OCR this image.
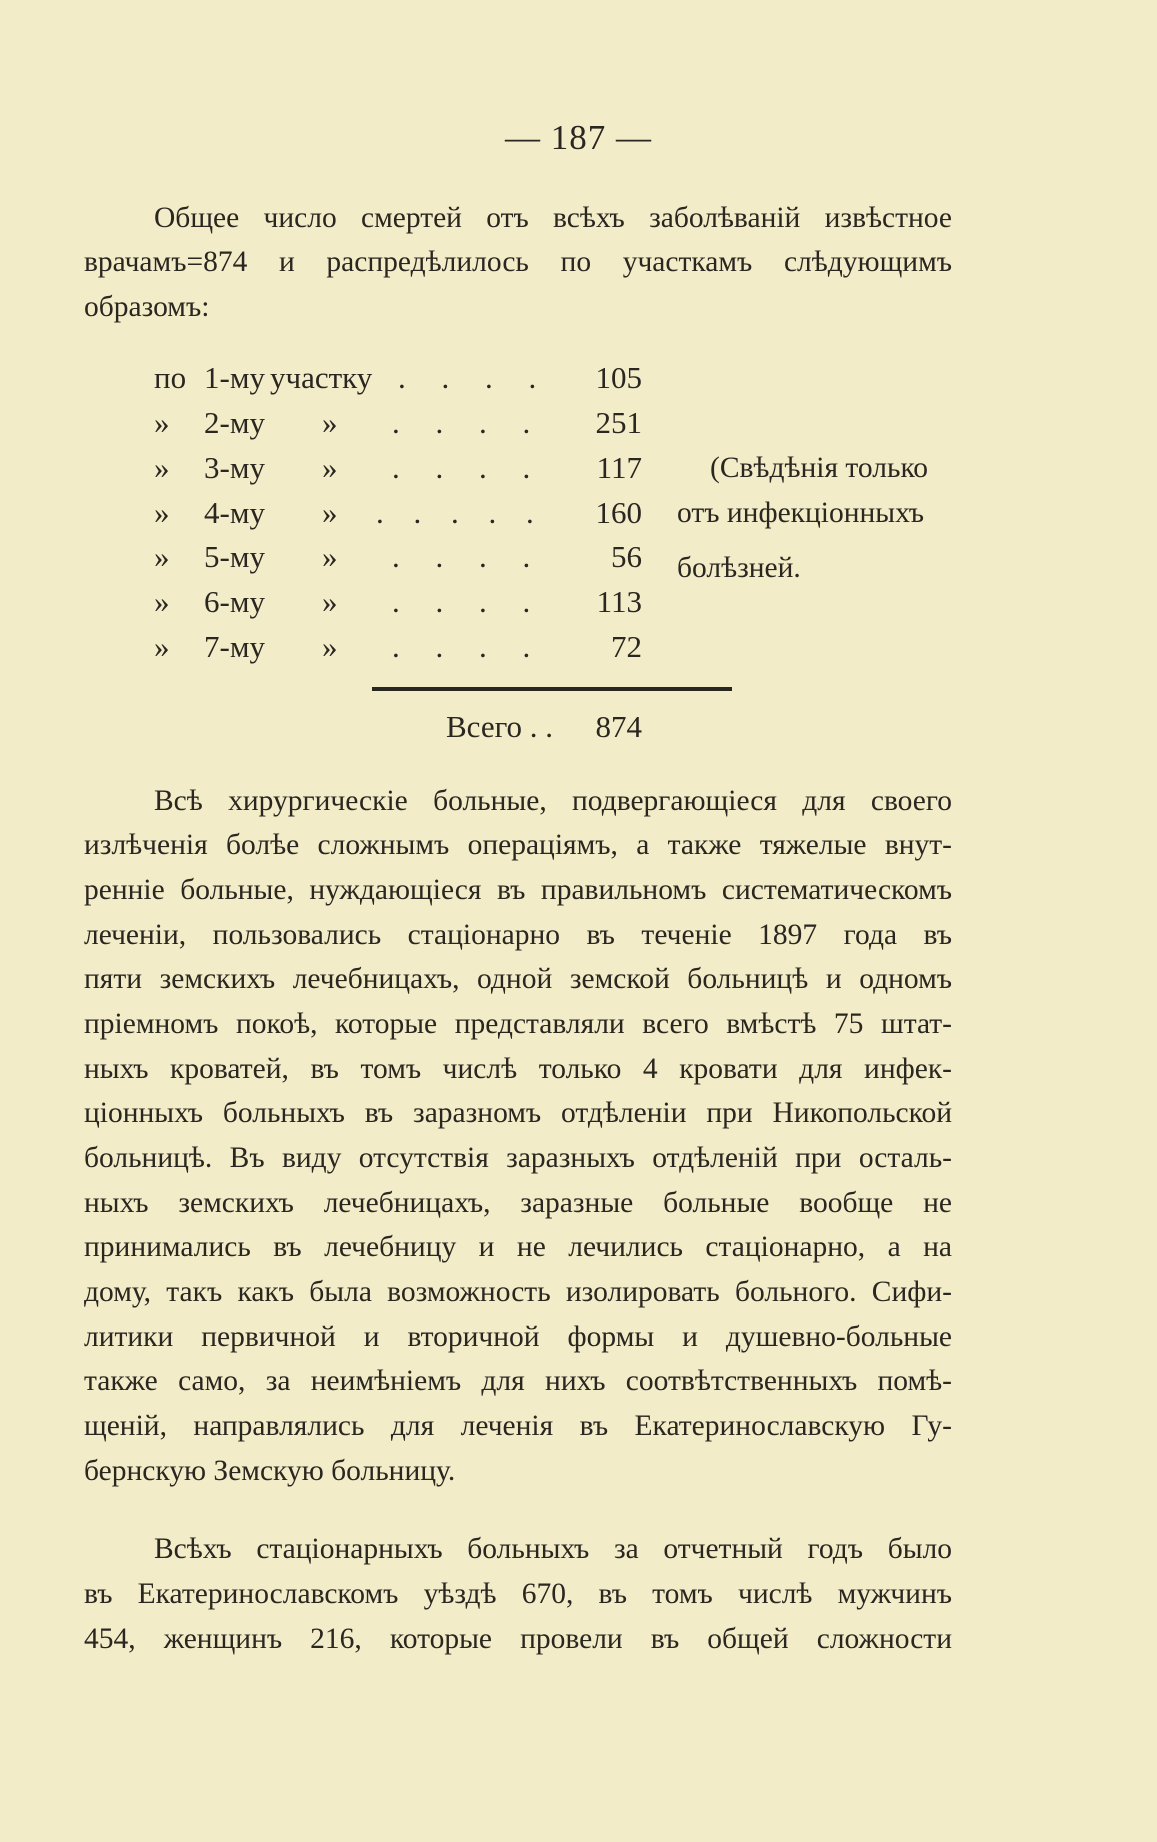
— 187 —
Общее число смертей отъ всѣхъ заболѣваній извѣстное
врачамъ=874 и распредѣлилось по участкамъ слѣдующимъ
образомъ:
по 1-му участку . . . . 105
»	2-му » . . . . 251
»	3-му » . . . . 117
»	4-му » . . . . . 160
»	5-му » . . . . 56
»	6-му » . . . . 113
»	7-му » . . . . 72
(Свѣдѣнія только
отъ инфекціонныхъ
болѣзней.
Всего . . 874
Всѣ хирургическіе больные, подвергающіеся для своего
излѣченія болѣе сложнымъ операціямъ, а также тяжелые внут-
ренніе больные, нуждающіеся въ правильномъ систематическомъ
леченіи, пользовались стаціонарно въ теченіе 1897 года въ
пяти земскихъ лечебницахъ, одной земской больницѣ и одномъ
пріемномъ покоѣ, которые представляли всего вмѣстѣ 75 штат-
ныхъ кроватей, въ томъ числѣ только 4 кровати для инфек-
ціонныхъ больныхъ въ заразномъ отдѣленіи при Никопольской
больницѣ. Въ виду отсутствія заразныхъ отдѣленій при осталь-
ныхъ земскихъ лечебницахъ, заразные больные вообще не
принимались въ лечебницу и не лечились стаціонарно, а на
дому, такъ какъ была возможность изолировать больного. Сифи-
литики первичной и вторичной формы и душевно-больные
также само, за неимѣніемъ для нихъ соотвѣтственныхъ помѣ-
щеній, направлялись для леченія въ Екатеринославскую Гу-
бернскую Земскую больницу.
Всѣхъ стаціонарныхъ больныхъ за отчетный годъ было
въ Екатеринославскомъ уѣздѣ 670, въ томъ числѣ мужчинъ
454, женщинъ 216, которые провели въ общей сложности
